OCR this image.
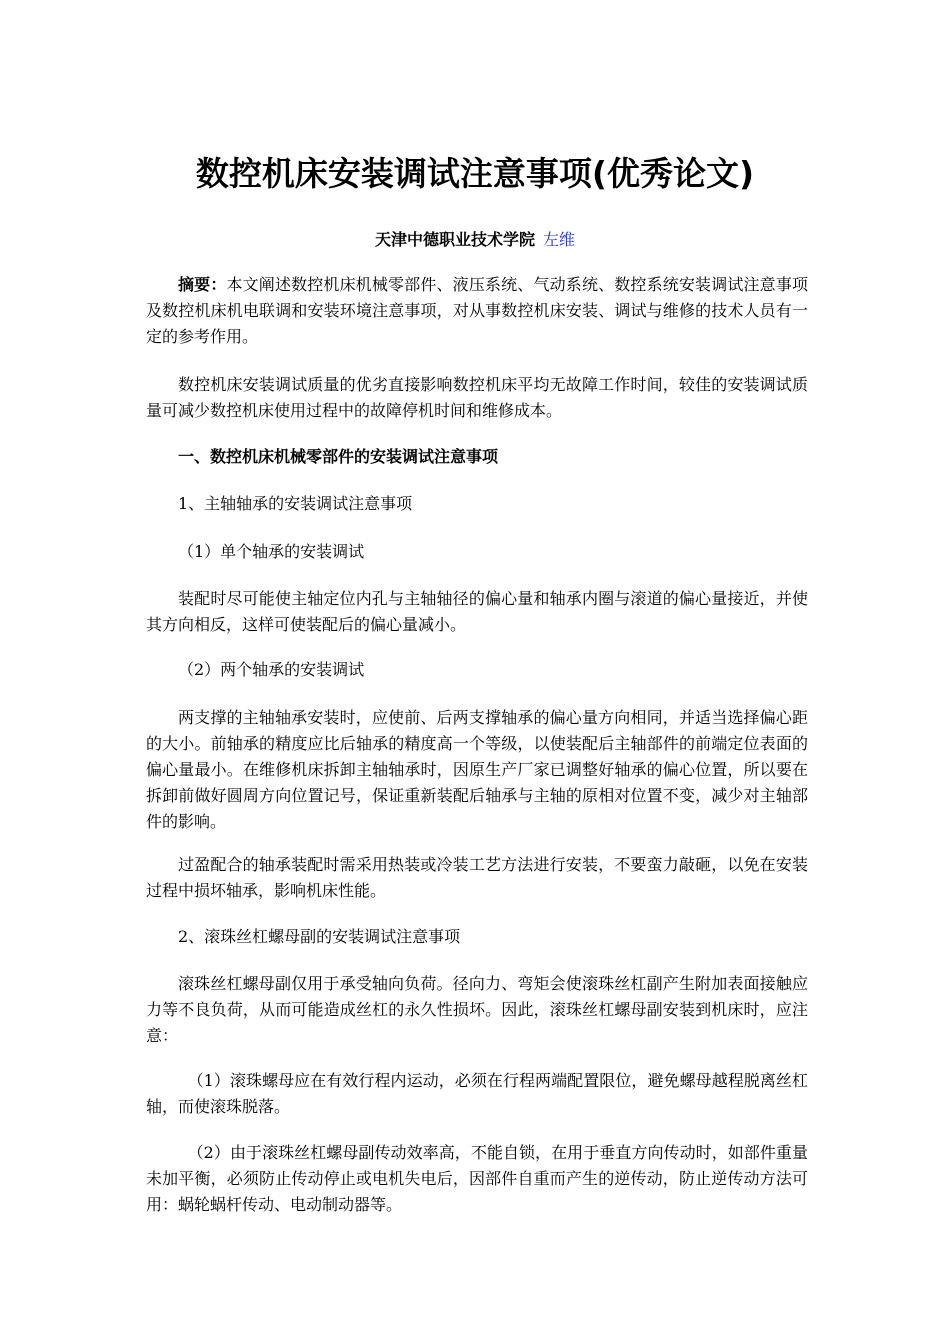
数控机床安装调试注意事项(优秀论文)
天津中德职业技术学院 左维

摘要：本文阐述数控机床机械零部件、液压系统、气动系统、数控系统安装调试注意事项及数控机床机电联调和安装环境注意事项，对从事数控机床安装、调试与维修的技术人员有一定的参考作用。

数控机床安装调试质量的优劣直接影响数控机床平均无故障工作时间，较佳的安装调试质量可减少数控机床使用过程中的故障停机时间和维修成本。

一、数控机床机械零部件的安装调试注意事项

1、主轴轴承的安装调试注意事项

（1）单个轴承的安装调试

装配时尽可能使主轴定位内孔与主轴轴径的偏心量和轴承内圈与滚道的偏心量接近，并使其方向相反，这样可使装配后的偏心量减小。

（2）两个轴承的安装调试

两支撑的主轴轴承安装时，应使前、后两支撑轴承的偏心量方向相同，并适当选择偏心距的大小。前轴承的精度应比后轴承的精度高一个等级，以使装配后主轴部件的前端定位表面的偏心量最小。在维修机床拆卸主轴轴承时，因原生产厂家已调整好轴承的偏心位置，所以要在拆卸前做好圆周方向位置记号，保证重新装配后轴承与主轴的原相对位置不变，减少对主轴部件的影响。

过盈配合的轴承装配时需采用热装或冷装工艺方法进行安装，不要蛮力敲砸，以免在安装过程中损坏轴承，影响机床性能。

2、滚珠丝杠螺母副的安装调试注意事项

滚珠丝杠螺母副仅用于承受轴向负荷。径向力、弯矩会使滚珠丝杠副产生附加表面接触应力等不良负荷，从而可能造成丝杠的永久性损坏。因此，滚珠丝杠螺母副安装到机床时，应注意：

（1）滚珠螺母应在有效行程内运动，必须在行程两端配置限位，避免螺母越程脱离丝杠轴，而使滚珠脱落。

（2）由于滚珠丝杠螺母副传动效率高，不能自锁，在用于垂直方向传动时，如部件重量未加平衡，必须防止传动停止或电机失电后，因部件自重而产生的逆传动，防止逆传动方法可用：蜗轮蜗杆传动、电动制动器等。
